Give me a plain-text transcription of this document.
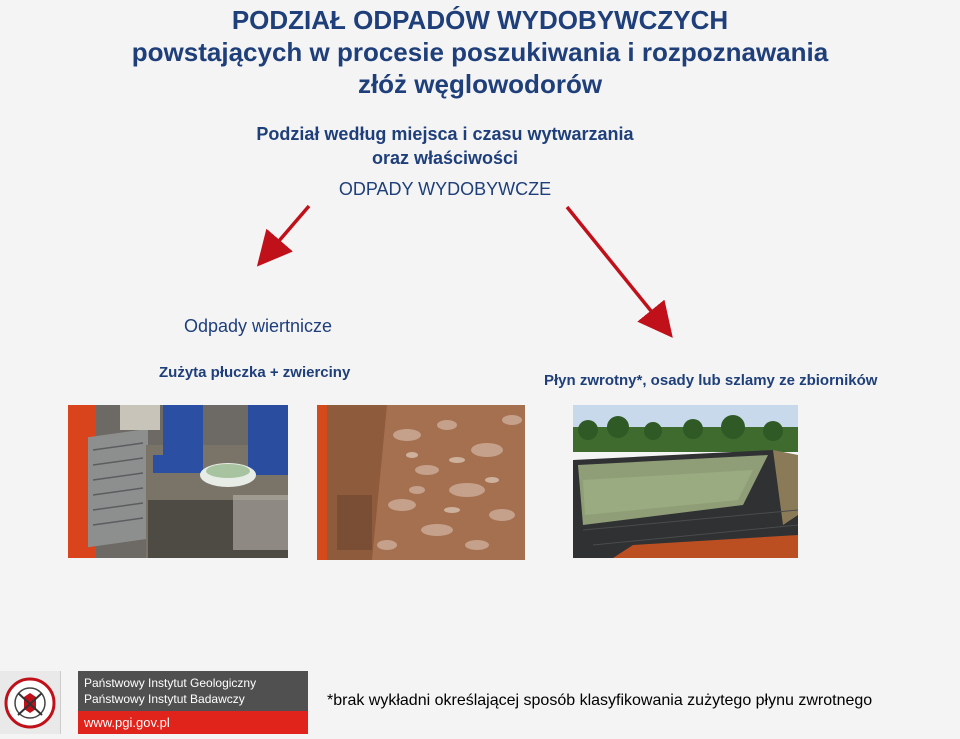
PODZIAŁ ODPADÓW WYDOBYWCZYCH
powstających w procesie poszukiwania i rozpoznawania
złóż węglowodorów
Podział według miejsca i czasu wytwarzania
oraz właściwości
ODPADY WYDOBYWCZE
Odpady wiertnicze
Zużyta płuczka + zwierciny	Płyn zwrotny*, osady lub szlamy ze zbiorników
Państwowy Instytut Geologiczny
Państwowy Instytut Badawczy
www.pgi.gov.pl
*brak wykładni określającej sposób klasyfikowania zużytego płynu zwrotnego
